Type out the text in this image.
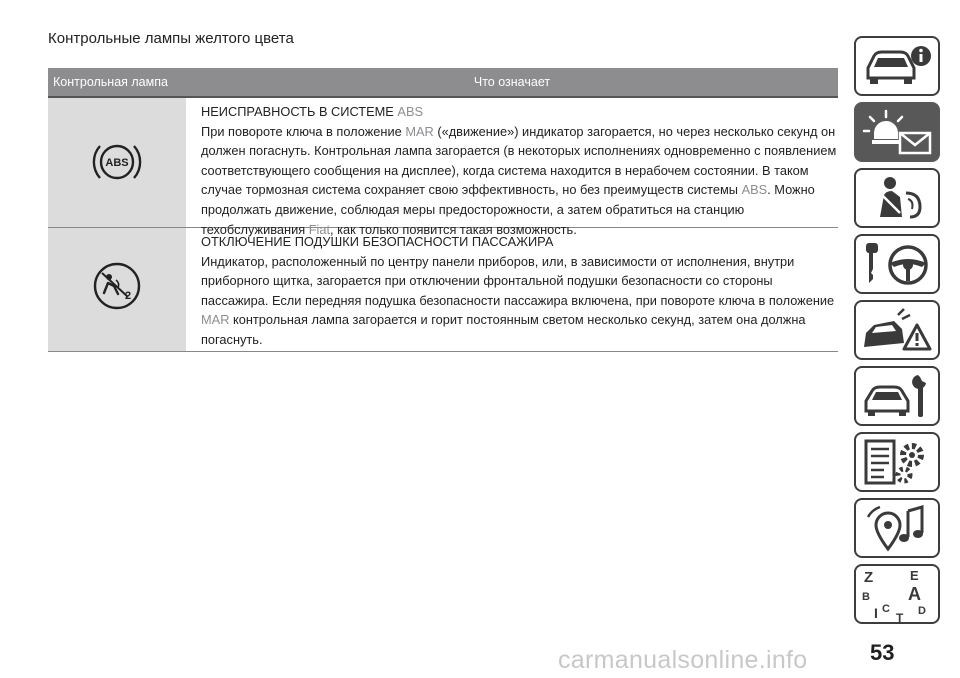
Контрольные лампы желтого цвета
Контрольная лампа	Что означает
ABS
НЕИСПРАВНОСТЬ В СИСТЕМЕ ABS
При повороте ключа в положение MAR («движение») индикатор загорается, но через несколько секунд он должен погаснуть. Контрольная лампа загорается (в некоторых исполнениях одновременно с появлением соответствующего сообщения на дисплее), когда система находится в нерабочем состоянии. В таком случае тормозная система сохраняет свою эффективность, но без преимуществ системы ABS. Можно продолжать движение, соблюдая меры предосторожности, а затем обратиться на станцию техобслуживания Fiat, как только появится такая возможность.
2
ОТКЛЮЧЕНИЕ ПОДУШКИ БЕЗОПАСНОСТИ ПАССАЖИРА
Индикатор, расположенный по центру панели приборов, или, в зависимости от исполнения, внутри приборного щитка, загорается при отключении фронтальной подушки безопасности со стороны пассажира. Если передняя подушка безопасности пассажира включена, при повороте ключа в положение MAR контрольная лампа загорается и горит постоянным светом несколько секунд, затем она должна погаснуть.
Z	E
B A
C	D
T
I
carmanualsonline.info	53
